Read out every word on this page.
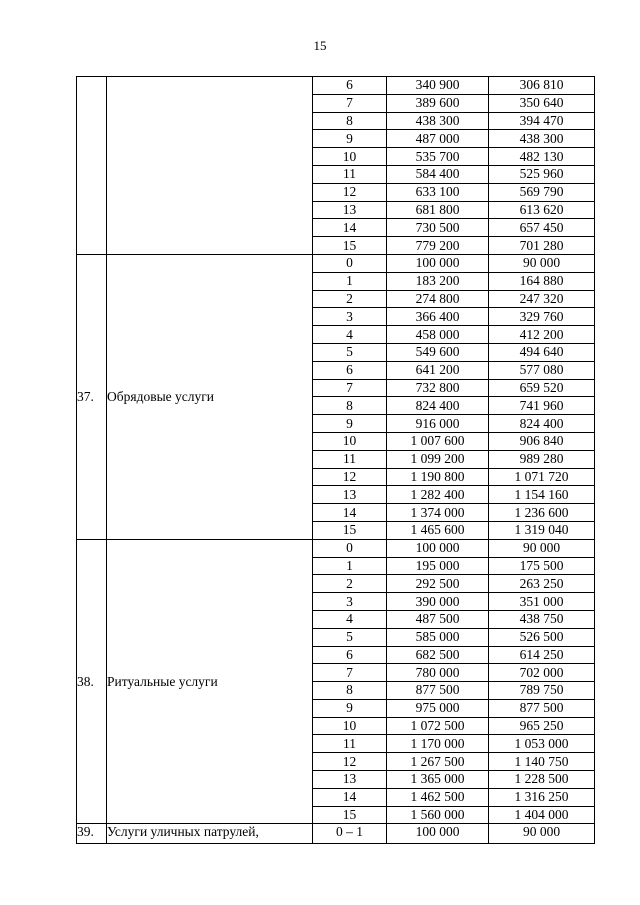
15
		6	340 900	306 810
		7	389 600	350 640
		8	438 300	394 470
		9	487 000	438 300
		10	535 700	482 130
		11	584 400	525 960
		12	633 100	569 790
		13	681 800	613 620
		14	730 500	657 450
		15	779 200	701 280
37.	Обрядовые услуги	0	100 000	90 000
		1	183 200	164 880
		2	274 800	247 320
		3	366 400	329 760
		4	458 000	412 200
		5	549 600	494 640
		6	641 200	577 080
		7	732 800	659 520
		8	824 400	741 960
		9	916 000	824 400
		10	1 007 600	906 840
		11	1 099 200	989 280
		12	1 190 800	1 071 720
		13	1 282 400	1 154 160
		14	1 374 000	1 236 600
		15	1 465 600	1 319 040
38.	Ритуальные услуги	0	100 000	90 000
		1	195 000	175 500
		2	292 500	263 250
		3	390 000	351 000
		4	487 500	438 750
		5	585 000	526 500
		6	682 500	614 250
		7	780 000	702 000
		8	877 500	789 750
		9	975 000	877 500
		10	1 072 500	965 250
		11	1 170 000	1 053 000
		12	1 267 500	1 140 750
		13	1 365 000	1 228 500
		14	1 462 500	1 316 250
		15	1 560 000	1 404 000
39.	Услуги уличных патрулей,	0 – 1	100 000	90 000
